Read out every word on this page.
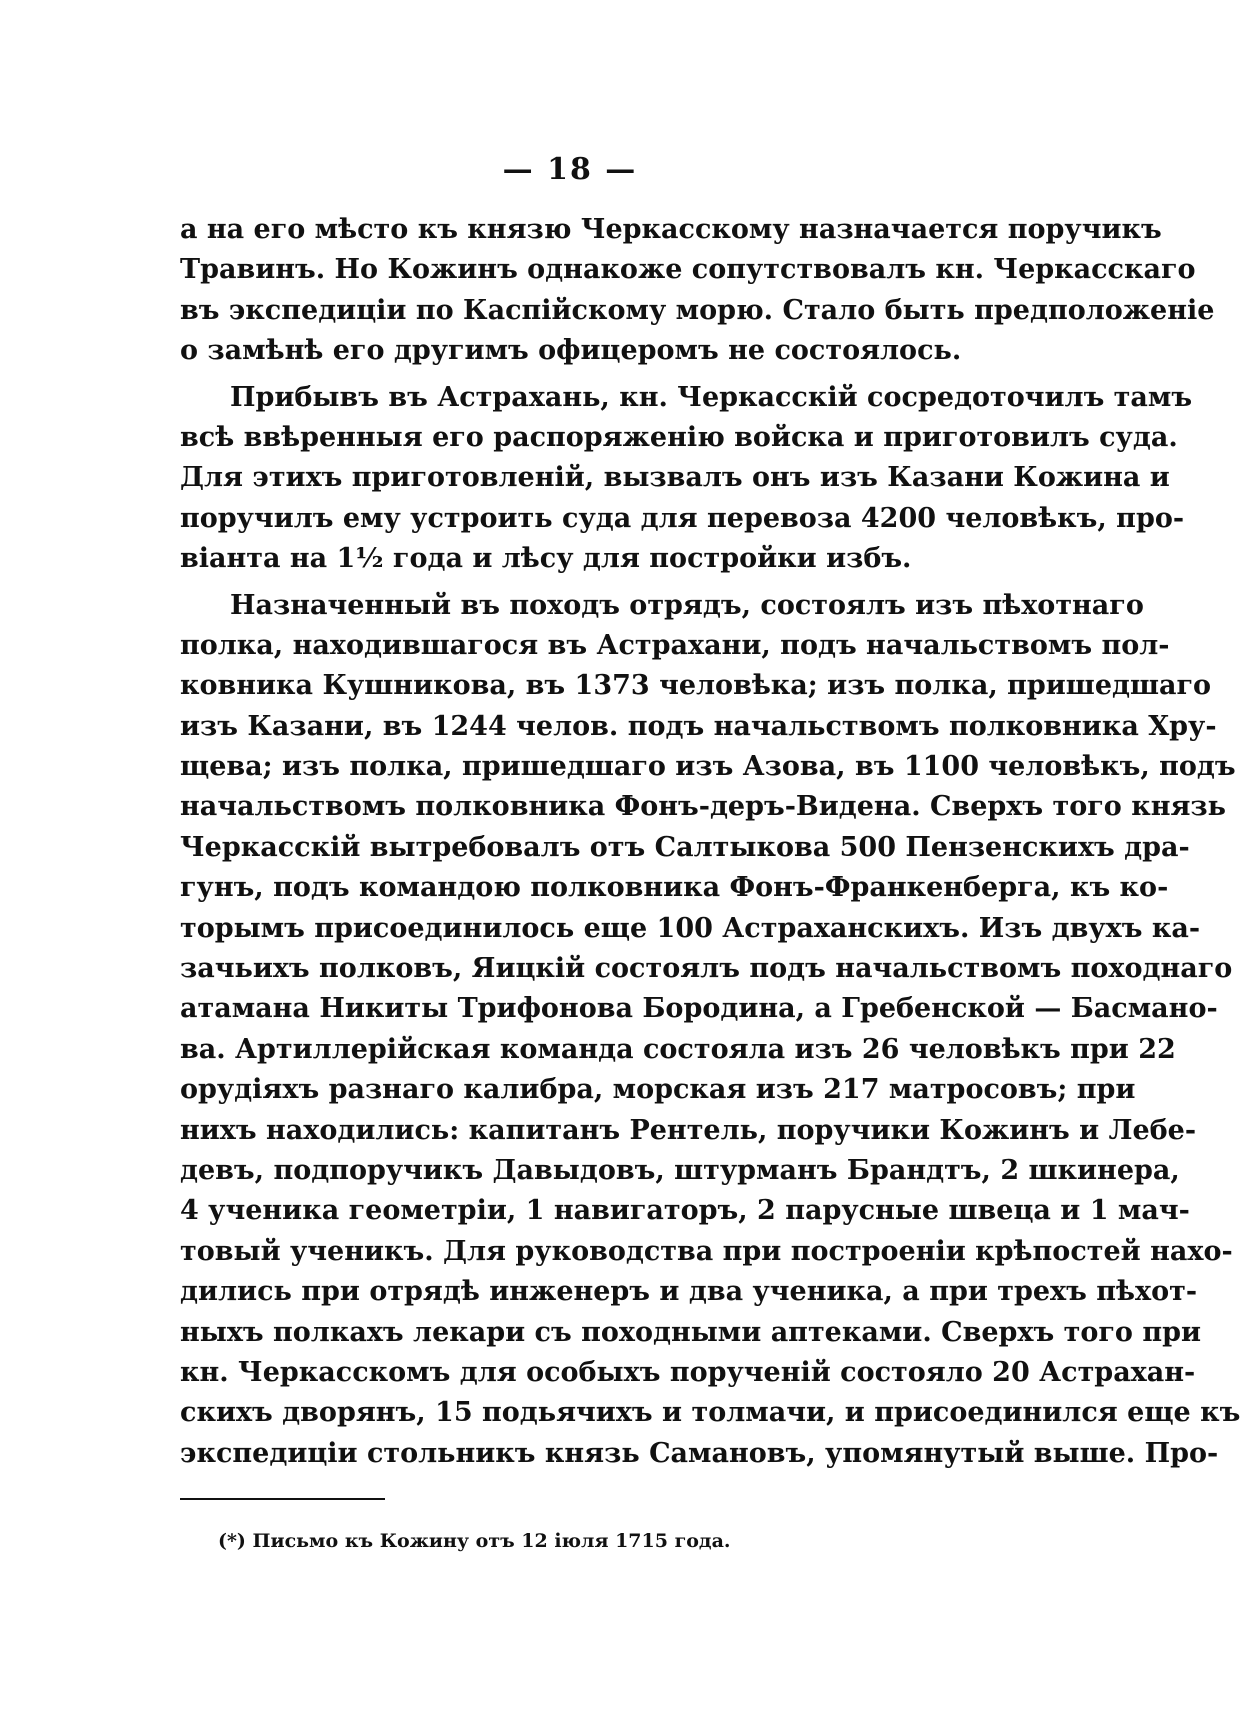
— 18 —
а на его мѣсто къ князю Черкасскому назначается поручикъ
Травинъ. Но Кожинъ однакоже сопутствовалъ кн. Черкасскаго
въ экспедиціи по Каспійскому морю. Стало быть предположеніе
о замѣнѣ его другимъ офицеромъ не состоялось.
Прибывъ въ Астрахань, кн. Черкасскій сосредоточилъ тамъ
всѣ ввѣренныя его распоряженію войска и приготовилъ суда.
Для этихъ приготовленій, вызвалъ онъ изъ Казани Кожина и
поручилъ ему устроить суда для перевоза 4200 человѣкъ, про-
віанта на 1½ года и лѣсу для постройки избъ.
Назначенный въ походъ отрядъ, состоялъ изъ пѣхотнаго
полка, находившагося въ Астрахани, подъ начальствомъ пол-
ковника Кушникова, въ 1373 человѣка; изъ полка, пришедшаго
изъ Казани, въ 1244 челов. подъ начальствомъ полковника Хру-
щева; изъ полка, пришедшаго изъ Азова, въ 1100 человѣкъ, подъ
начальствомъ полковника Фонъ-деръ-Видена. Сверхъ того князь
Черкасскій вытребовалъ отъ Салтыкова 500 Пензенскихъ дра-
гунъ, подъ командою полковника Фонъ-Франкенберга, къ ко-
торымъ присоединилось еще 100 Астраханскихъ. Изъ двухъ ка-
зачьихъ полковъ, Яицкій состоялъ подъ начальствомъ походнаго
атамана Никиты Трифонова Бородина, а Гребенской — Басмано-
ва. Артиллерійская команда состояла изъ 26 человѣкъ при 22
орудіяхъ разнаго калибра, морская изъ 217 матросовъ; при
нихъ находились: капитанъ Рентель, поручики Кожинъ и Лебе-
девъ, подпоручикъ Давыдовъ, штурманъ Брандтъ, 2 шкинера,
4 ученика геометріи, 1 навигаторъ, 2 парусные швеца и 1 мач-
товый ученикъ. Для руководства при построеніи крѣпостей нахо-
дились при отрядѣ инженеръ и два ученика, а при трехъ пѣхот-
ныхъ полкахъ лекари съ походными аптеками. Сверхъ того при
кн. Черкасскомъ для особыхъ порученій состояло 20 Астрахан-
скихъ дворянъ, 15 подьячихъ и толмачи, и присоединился еще къ
экспедиціи стольникъ князь Самановъ, упомянутый выше. Про-
(*) Письмо къ Кожину отъ 12 іюля 1715 года.
